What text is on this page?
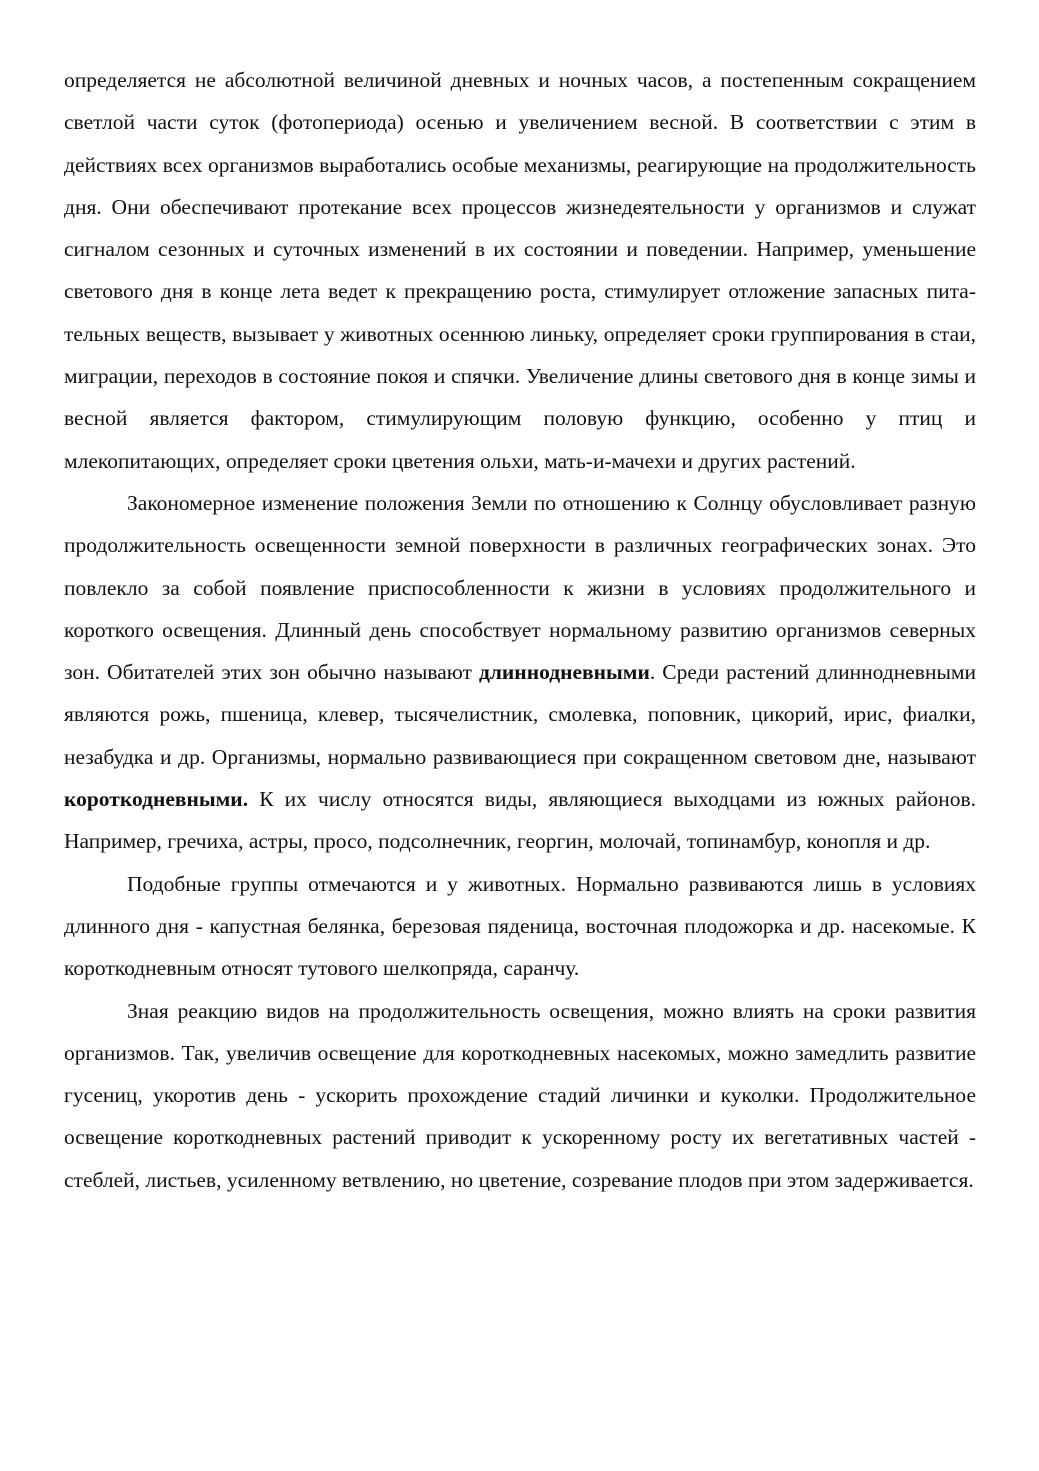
определяется не абсолютной величиной дневных и ночных часов, а постепенным сокращением светлой части суток (фотопериода) осенью и увеличением весной. В соответствии с этим в действиях всех организмов выработались особые механизмы, реагирующие на продолжительность дня. Они обеспечивают протекание всех процессов жизнедеятельности у организмов и служат сигналом сезонных и суточных изменений в их состоянии и поведении. Например, уменьшение светового дня в конце лета ведет к прекращению роста, стимулирует отложение запасных пита-тельных веществ, вызывает у животных осеннюю линьку, определяет сроки группирования в стаи, миграции, переходов в состояние покоя и спячки. Увеличение длины светового дня в конце зимы и весной является фактором, стимулирующим половую функцию, особенно у птиц и млекопитающих, определяет сроки цветения ольхи, мать-и-мачехи и других растений.

Закономерное изменение положения Земли по отношению к Солнцу обусловливает разную продолжительность освещенности земной поверхности в различных географических зонах. Это повлекло за собой появление приспособленности к жизни в условиях продолжительного и короткого освещения. Длинный день способствует нормальному развитию организмов северных зон. Обитателей этих зон обычно называют длиннодневными. Среди растений длиннодневными являются рожь, пшеница, клевер, тысячелистник, смолевка, поповник, цикорий, ирис, фиалки, незабудка и др. Организмы, нормально развивающиеся при сокращенном световом дне, называют короткодневными. К их числу относятся виды, являющиеся выходцами из южных районов. Например, гречиха, астры, просо, подсолнечник, георгин, молочай, топинамбур, конопля и др.

Подобные группы отмечаются и у животных. Нормально развиваются лишь в условиях длинного дня - капустная белянка, березовая пяденица, восточная плодожорка и др. насекомые. К короткодневным относят тутового шелкопряда, саранчу.

Зная реакцию видов на продолжительность освещения, можно влиять на сроки развития организмов. Так, увеличив освещение для короткодневных насекомых, можно замедлить развитие гусениц, укоротив день - ускорить прохождение стадий личинки и куколки. Продолжительное освещение короткодневных растений приводит к ускоренному росту их вегетативных частей - стеблей, листьев, усиленному ветвлению, но цветение, созревание плодов при этом задерживается.
